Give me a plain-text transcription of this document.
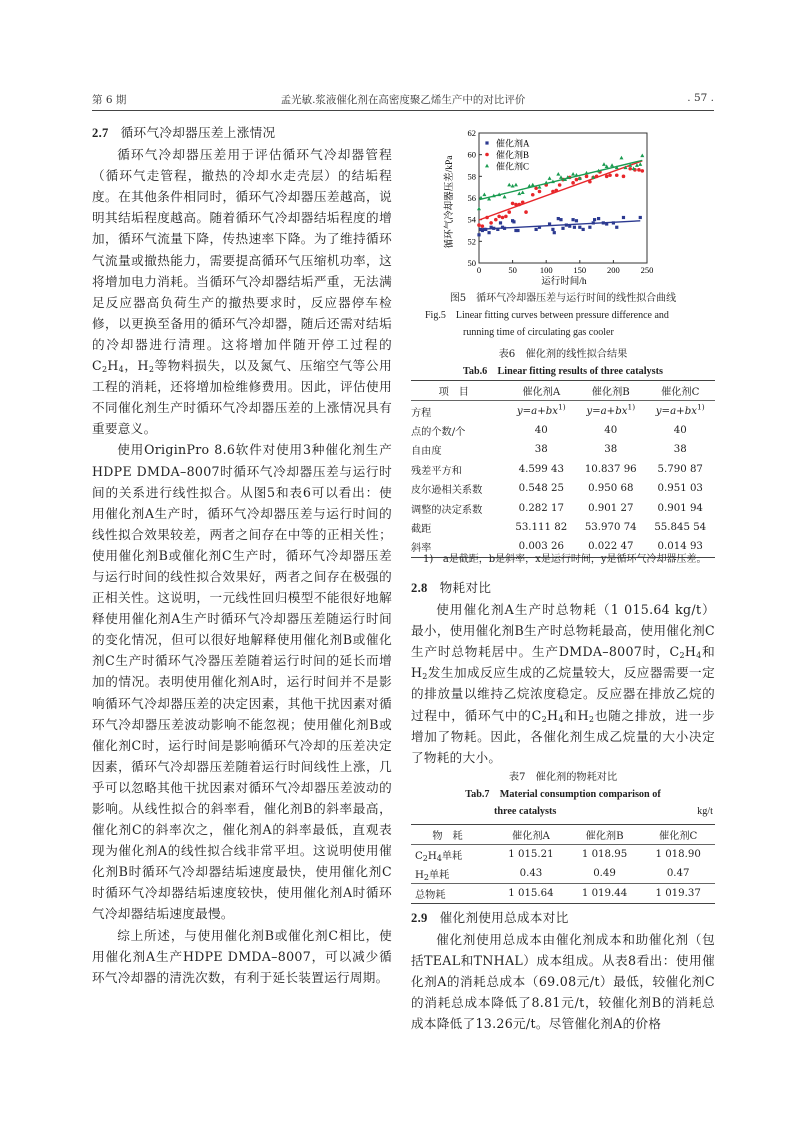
第 6 期	孟光敏.浆液催化剂在高密度聚乙烯生产中的对比评价	. 57 .
2.7 循环气冷却器压差上涨情况

循环气冷却器压差用于评估循环气冷却器管程（循环气走管程，撤热的冷却水走壳层）的结垢程度。在其他条件相同时，循环气冷却器压差越高，说明其结垢程度越高。随着循环气冷却器结垢程度的增加，循环气流量下降，传热速率下降。为了维持循环气流量或撤热能力，需要提高循环气压缩机功率，这将增加电力消耗。当循环气冷却器结垢严重，无法满足反应器高负荷生产的撤热要求时，反应器停车检修，以更换至备用的循环气冷却器，随后还需对结垢的冷却器进行清理。这将增加伴随开停工过程的$C_2H_4$，$H_2$等物料损失，以及氮气、压缩空气等公用工程的消耗，还将增加检维修费用。因此，评估使用不同催化剂生产时循环气冷却器压差的上涨情况具有重要意义。

使用OriginPro 8.6软件对使用3种催化剂生产HDPE DMDA–8007时循环气冷却器压差与运行时间的关系进行线性拟合。从图5和表6可以看出：使用催化剂A生产时，循环气冷却器压差与运行时间的线性拟合效果较差，两者之间存在中等的正相关性；使用催化剂B或催化剂C生产时，循环气冷却器压差与运行时间的线性拟合效果好，两者之间存在极强的正相关性。这说明，一元线性回归模型不能很好地解释使用催化剂A生产时循环气冷却器压差随运行时间的变化情况，但可以很好地解释使用催化剂B或催化剂C生产时循环气冷器压差随着运行时间的延长而增加的情况。表明使用催化剂A时，运行时间并不是影响循环气冷却器压差的决定因素，其他干扰因素对循环气冷却器压差波动影响不能忽视；使用催化剂B或催化剂C时，运行时间是影响循环气冷却的压差决定因素，循环气冷却器压差随着运行时间线性上涨，几乎可以忽略其他干扰因素对循环气冷却器压差波动的影响。从线性拟合的斜率看，催化剂B的斜率最高，催化剂C的斜率次之，催化剂A的斜率最低，直观表现为催化剂A的线性拟合线非常平坦。这说明使用催化剂B时循环气冷却器结垢速度最快，使用催化剂C时循环气冷却器结垢速度较快，使用催化剂A时循环气冷却器结垢速度最慢。

综上所述，与使用催化剂B或催化剂C相比，使用催化剂A生产HDPE DMDA–8007，可以减少循环气冷却器的清洗次数，有利于延长装置运行周期。

0	50	100 150 200 250
50
52
54
56
58
60
62
催化剂A
催化剂B
催化剂C
循环气冷却器压差/kPa
运行时间/h
图5　循环气冷却器压差与运行时间的线性拟合曲线
Fig.5　Linear fitting curves between pressure difference and
running time of circulating gas cooler
表6　催化剂的线性拟合结果
Tab.6　Linear fitting results of three catalysts
项目	催化剂A	催化剂B	催化剂C
方程	$y=a+bx^{1)}$	$y=a+bx^{1)}$	$y=a+bx^{1)}$
点的个数/个	40	40	40
自由度	38	38	38
残差平方和	4.599 43	10.837 96	5.790 87
皮尔逊相关系数	0.548 25	0.950 68	0.951 03
调整的决定系数	0.282 17	0.901 27	0.901 94
截距	53.111 82	53.970 74	55.845 54
斜率	0.003 26	0.022 47	0.014 93
1) a是截距，b是斜率，x是运行时间，y是循环气冷却器压差。
2.8 物耗对比

使用催化剂A生产时总物耗（1 015.64 kg/t）最小，使用催化剂B生产时总物耗最高，使用催化剂C生产时总物耗居中。生产DMDA–8007时，$C_2H_4$和$H_2$发生加成反应生成的乙烷量较大，反应器需要一定的排放量以维持乙烷浓度稳定。反应器在排放乙烷的过程中，循环气中的$C_2H_4$和$H_2$也随之排放，进一步增加了物耗。因此，各催化剂生成乙烷量的大小决定了物耗的大小。

表7　催化剂的物耗对比
Tab.7　Material consumption comparison of
three catalysts	kg/t
物耗	催化剂A	催化剂B	催化剂C
$C_2H_4$单耗	1 015.21	1 018.95	1 018.90
$H_2$单耗	0.43	0.49	0.47
总物耗	1 015.64	1 019.44	1 019.37
2.9 催化剂使用总成本对比

催化剂使用总成本由催化剂成本和助催化剂（包括TEAL和TNHAL）成本组成。从表8看出：使用催化剂A的消耗总成本（69.08元/t）最低，较催化剂C的消耗总成本降低了8.81元/t，较催化剂B的消耗总成本降低了13.26元/t。尽管催化剂A的价格
